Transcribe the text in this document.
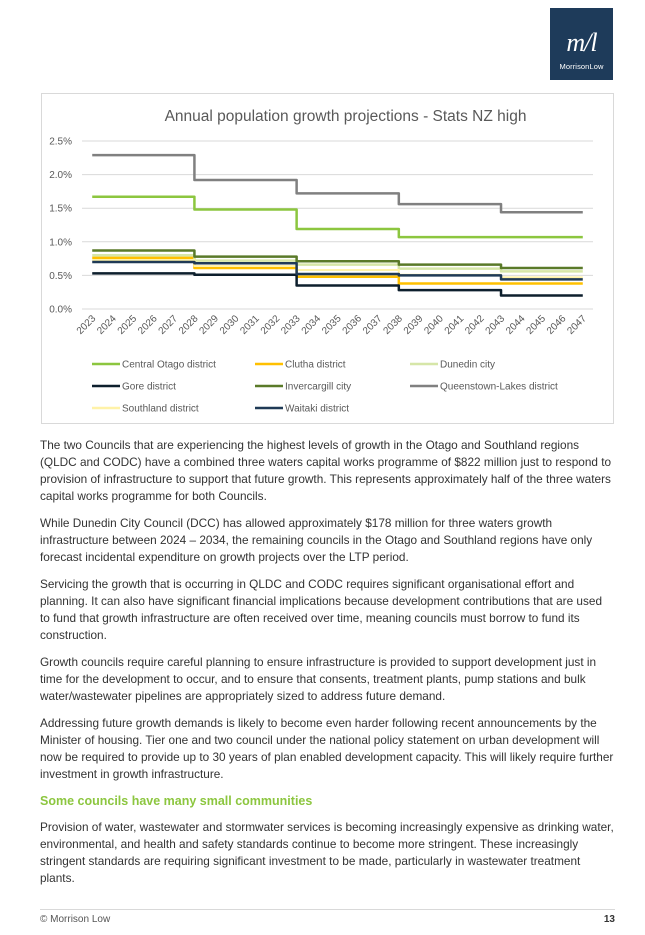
m/l
MorrisonLow
Annual population growth projections - Stats NZ high
0.0%
0.5%
1.0%
1.5%
2.0%
2.5%
2023
2024
2025
2026
2027
2028
2029
2030
2031
2032
2033
2034
2035
2036
2037
2038
2039
2040
2041
2042
2043
2044
2045
2046
2047
Central Otago district	Clutha district	Dunedin city
Gore district	Invercargill city	Queenstown-Lakes district
Southland district	Waitaki district

The two Councils that are experiencing the highest levels of growth in the Otago and Southland regions (QLDC and CODC) have a combined three waters capital works programme of $822 million just to respond to provision of infrastructure to support that future growth. This represents approximately half of the three waters capital works programme for both Councils.

While Dunedin City Council (DCC) has allowed approximately $178 million for three waters growth infrastructure between 2024 – 2034, the remaining councils in the Otago and Southland regions have only forecast incidental expenditure on growth projects over the LTP period.

Servicing the growth that is occurring in QLDC and CODC requires significant organisational effort and planning. It can also have significant financial implications because development contributions that are used to fund that growth infrastructure are often received over time, meaning councils must borrow to fund its construction.

Growth councils require careful planning to ensure infrastructure is provided to support development just in time for the development to occur, and to ensure that consents, treatment plants, pump stations and bulk water/wastewater pipelines are appropriately sized to address future demand.

Addressing future growth demands is likely to become even harder following recent announcements by the Minister of housing. Tier one and two council under the national policy statement on urban development will now be required to provide up to 30 years of plan enabled development capacity. This will likely require further investment in growth infrastructure.

Some councils have many small communities

Provision of water, wastewater and stormwater services is becoming increasingly expensive as drinking water, environmental, and health and safety standards continue to become more stringent. These increasingly stringent standards are requiring significant investment to be made, particularly in wastewater treatment plants.

© Morrison Low	13
